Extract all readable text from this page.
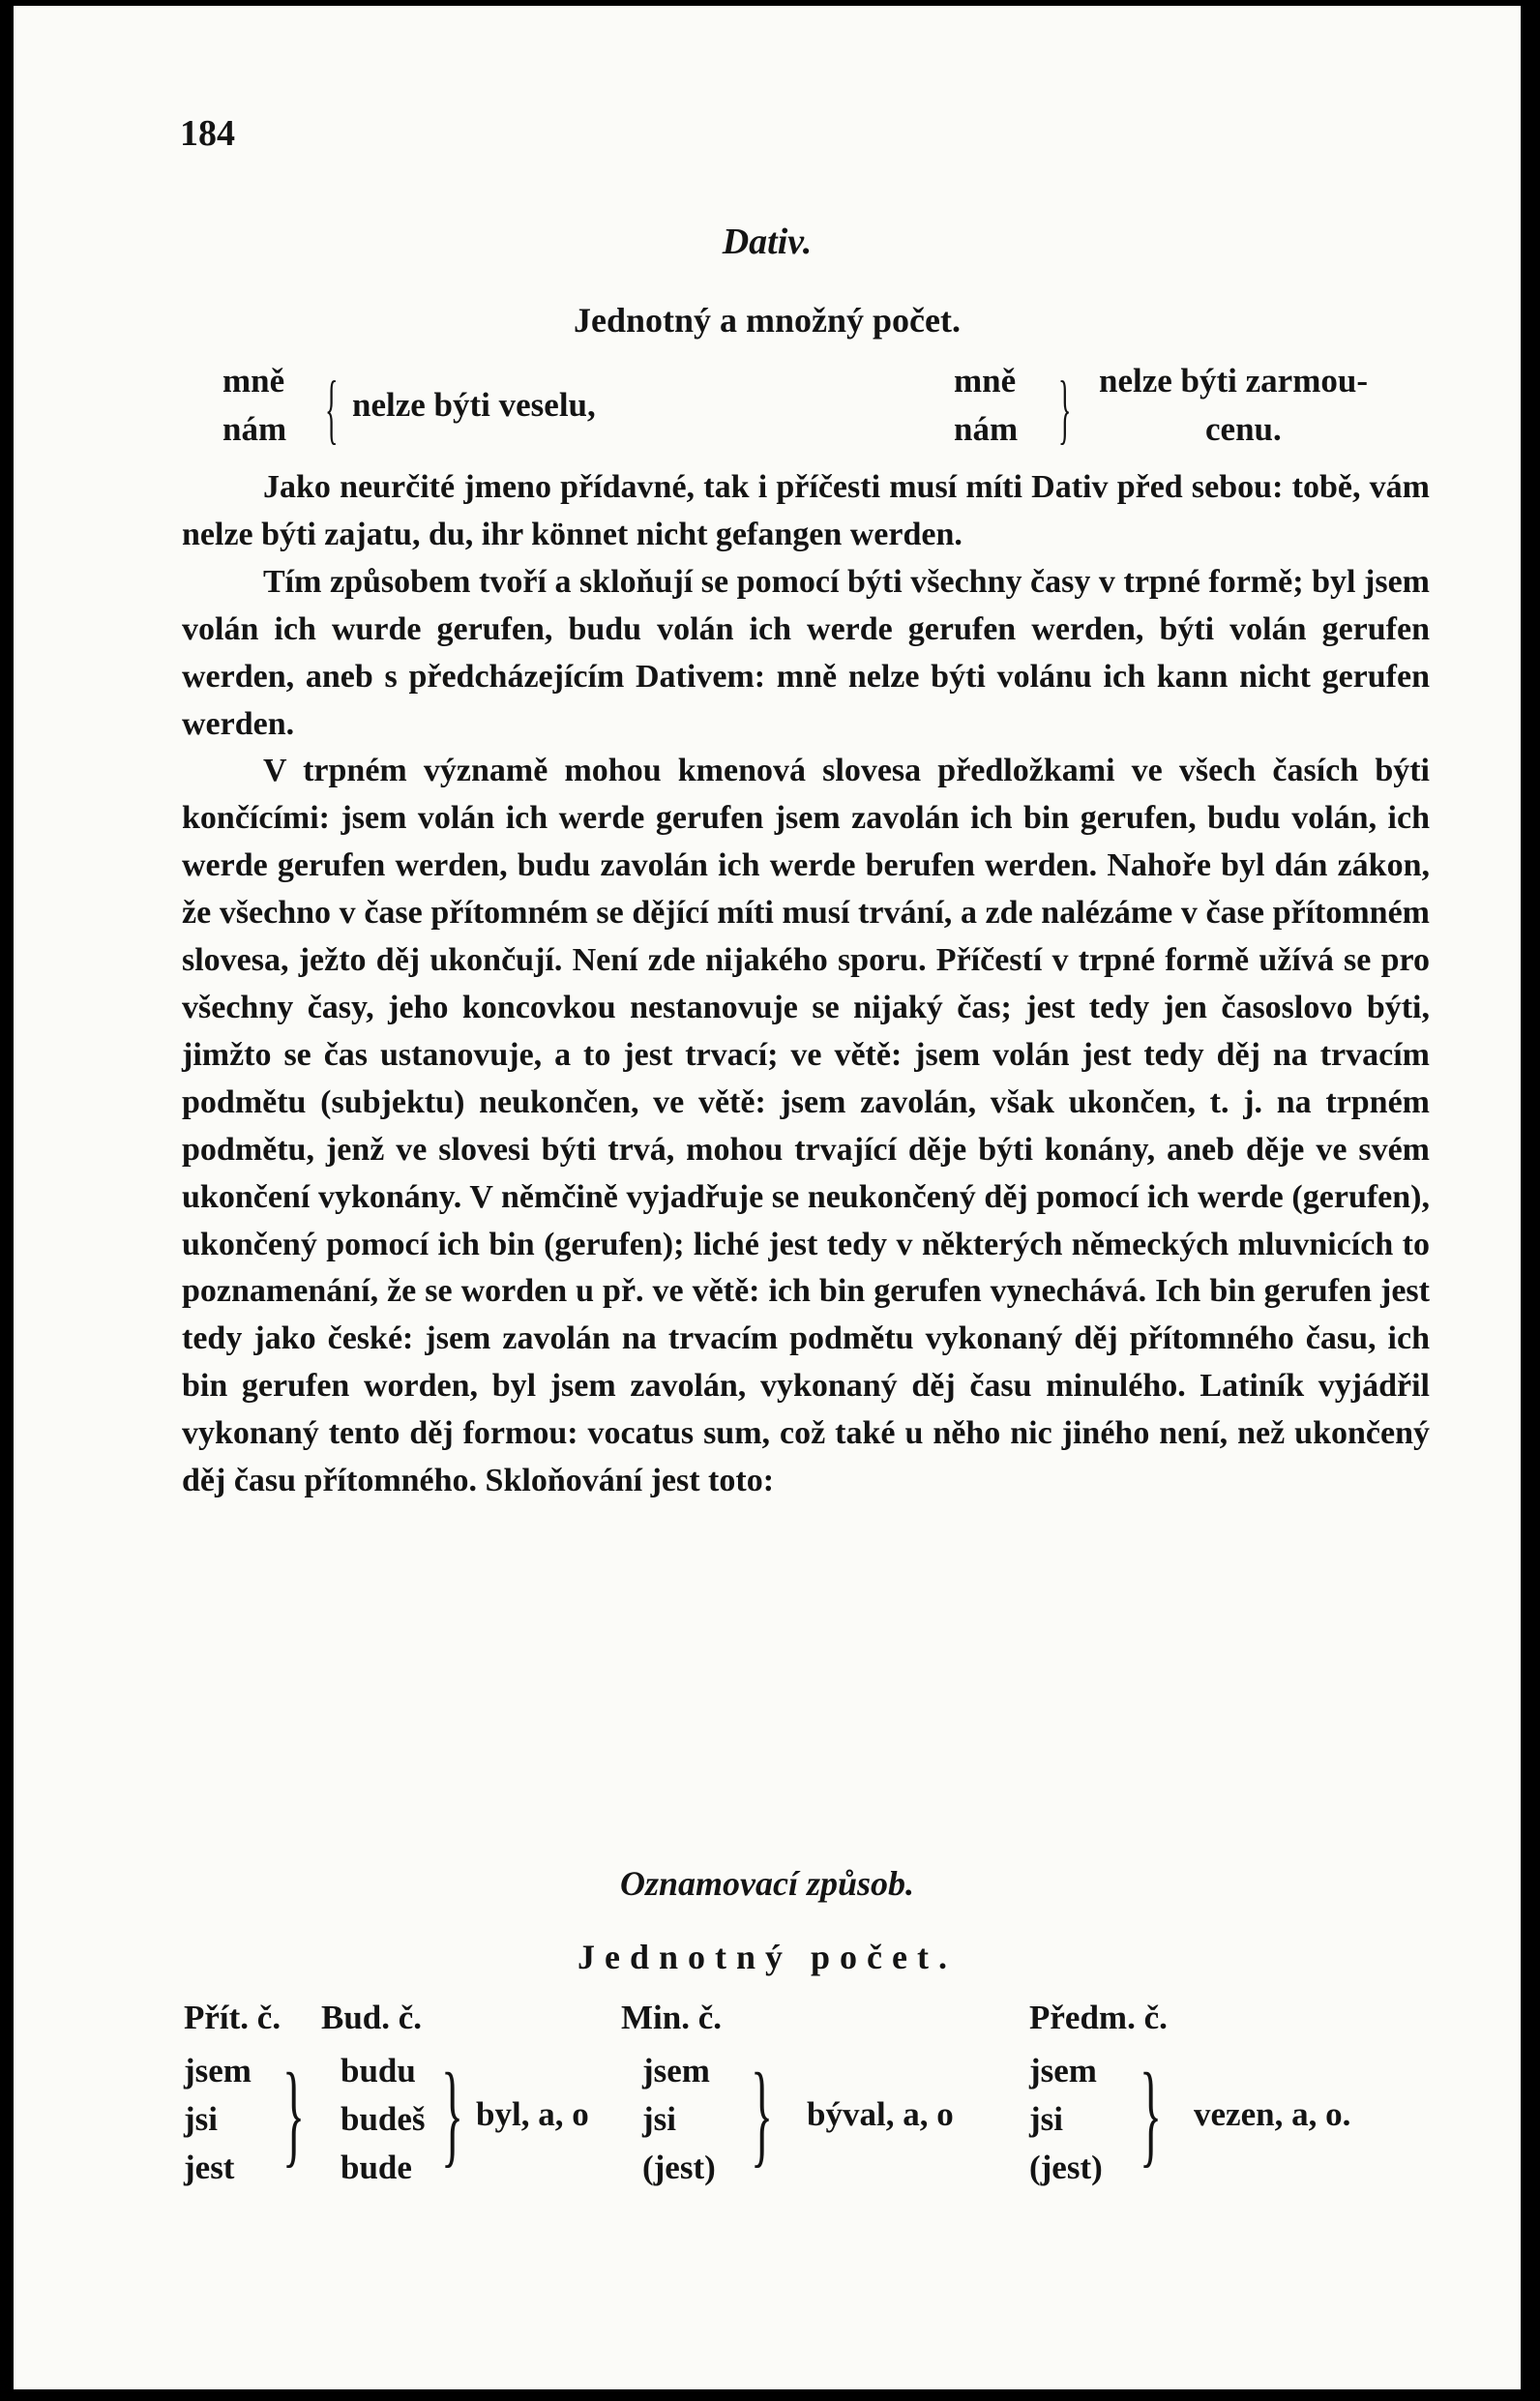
184
Dativ.
Jednotný a množný počet.
mně
nám { nelze býti veselu,
mně
nám } nelze býti zarmou-
cenu.

Jako neurčité jmeno přídavné, tak i příčesti musí míti Dativ před sebou: tobě, vám nelze býti zajatu, du, ihr könnet nicht gefangen werden.

Tím způsobem tvoří a skloňují se pomocí býti všechny časy v trpné formě; byl jsem volán ich wurde gerufen, budu volán ich werde gerufen werden, býti volán gerufen werden, aneb s předcházejícím Dativem: mně nelze býti volánu ich kann nicht gerufen werden.

V trpném významě mohou kmenová slovesa předložkami ve všech časích býti končícími: jsem volán ich werde gerufen jsem zavolán ich bin gerufen, budu volán, ich werde gerufen werden, budu zavolán ich werde berufen werden. Nahoře byl dán zákon, že všechno v čase přítomném se dějící míti musí trvání, a zde nalézáme v čase přítomném slovesa, ježto děj ukončují. Není zde nijakého sporu. Příčestí v trpné formě užívá se pro všechny časy, jeho koncovkou nestanovuje se nijaký čas; jest tedy jen časoslovo býti, jimžto se čas ustanovuje, a to jest trvací; ve větě: jsem volán jest tedy děj na trvacím podmětu (subjektu) neukončen, ve větě: jsem zavolán, však ukončen, t. j. na trpném podmětu, jenž ve slovesi býti trvá, mohou trvající děje býti konány, aneb děje ve svém ukončení vykonány. V němčině vyjadřuje se neukončený děj pomocí ich werde (gerufen), ukončený pomocí ich bin (gerufen); liché jest tedy v některých německých mluvnicích to poznamenání, že se worden u př. ve větě: ich bin gerufen vynechává. Ich bin gerufen jest tedy jako české: jsem zavolán na trvacím podmětu vykonaný děj přítomného času, ich bin gerufen worden, byl jsem zavolán, vykonaný děj času minulého. Latiník vyjádřil vykonaný tento děj formou: vocatus sum, což také u něho nic jiného není, než ukončený děj času přítomného. Skloňování jest toto:

Oznamovací způsob.
Jednotný počet.
Přít. č. Bud. č.	Min. č.	Předm. č.
jsem
jsi
jest } budu
budeš
bude } byl, a, o
jsem
jsi
(jest) } býval, a, o
jsem
jsi
(jest) } vezen, a, o.
